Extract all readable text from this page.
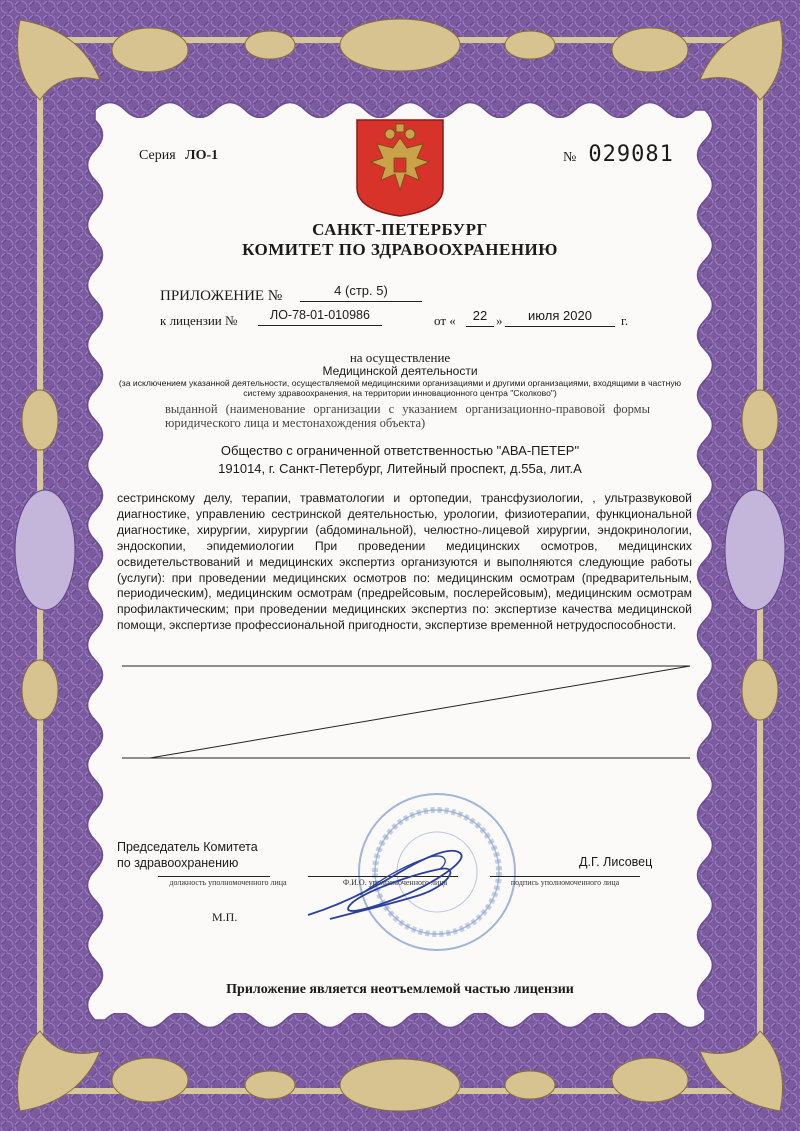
Серия ЛО-1	№ 029081
САНКТ-ПЕТЕРБУРГ
КОМИТЕТ ПО ЗДРАВООХРАНЕНИЮ
ПРИЛОЖЕНИЕ №	4 (стр. 5)
к лицензии №	ЛО-78-01-010986	от «	22 »	июля 2020	г.
на осуществление
Медицинской деятельности
(за исключением указанной деятельности, осуществляемой медицинскими организациями и другими организациями, входящими в частную систему здравоохранения, на территории инновационного центра "Сколково")
выданной (наименование организации с указанием организационно-правовой формы юридического лица и местонахождения объекта)
Общество с ограниченной ответственностью "АВА-ПЕТЕР"
191014, г. Санкт-Петербург, Литейный проспект, д.55а, лит.А
сестринскому делу, терапии, травматологии и ортопедии, трансфузиологии, , ультразвуковой диагностике, управлению сестринской деятельностью, урологии, физиотерапии, функциональной диагностике, хирургии, хирургии (абдоминальной), челюстно-лицевой хирургии, эндокринологии, эндоскопии, эпидемиологии При проведении медицинских осмотров, медицинских освидетельствований и медицинских экспертиз организуются и выполняются следующие работы (услуги): при проведении медицинских осмотров по: медицинским осмотрам (предварительным, периодическим), медицинским осмотрам (предрейсовым, послерейсовым), медицинским осмотрам профилактическим; при проведении медицинских экспертиз по: экспертизе качества медицинской помощи, экспертизе профессиональной пригодности, экспертизе временной нетрудоспособности.
Председатель Комитета
по здравоохранению	Д.Г. Лисовец
должность уполномоченного лица	Ф.И.О. уполномоченного лица	подпись уполномоченного лица
М.П.
Приложение является неотъемлемой частью лицензии
